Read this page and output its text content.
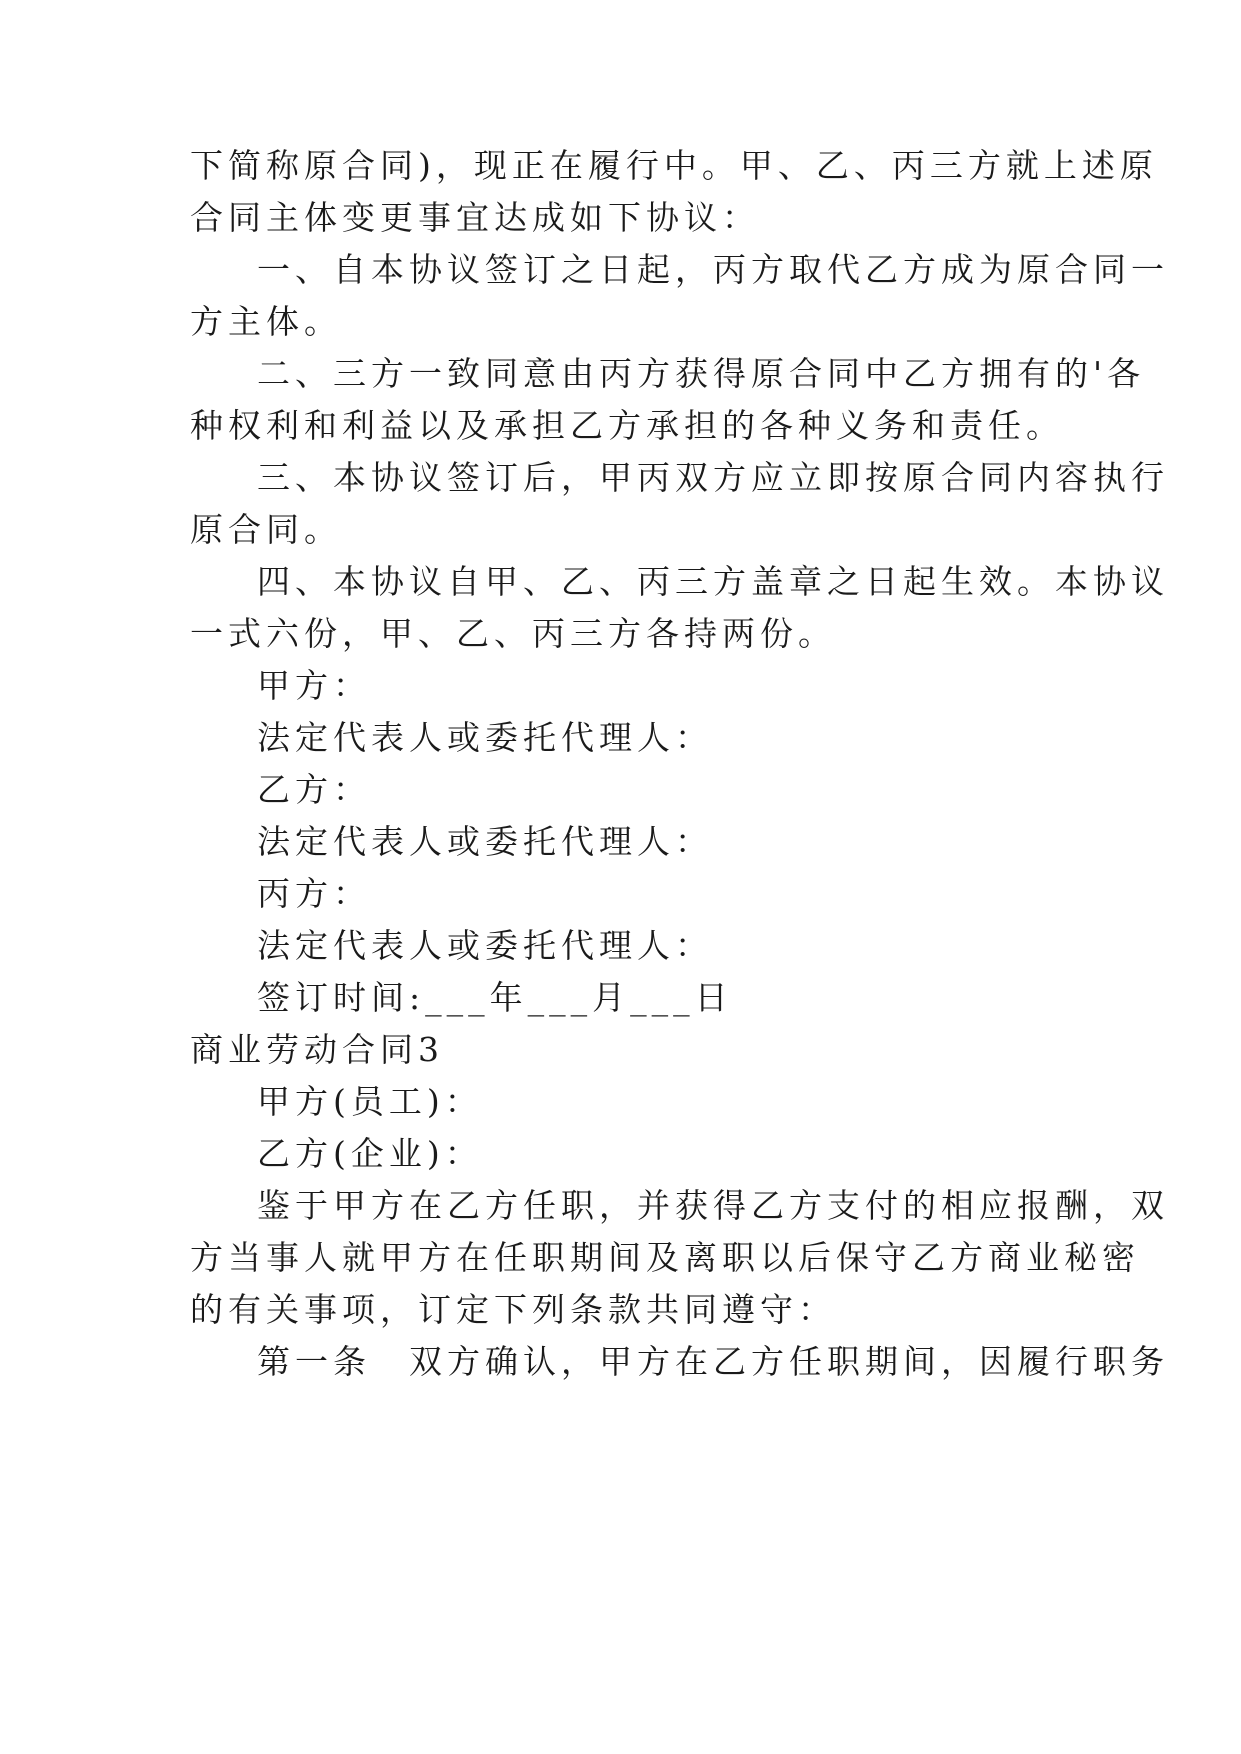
下简称原合同)，现正在履行中。甲、乙、丙三方就上述原
合同主体变更事宜达成如下协议：
一、自本协议签订之日起，丙方取代乙方成为原合同一
方主体。
二、三方一致同意由丙方获得原合同中乙方拥有的'各
种权利和利益以及承担乙方承担的各种义务和责任。
三、本协议签订后，甲丙双方应立即按原合同内容执行
原合同。
四、本协议自甲、乙、丙三方盖章之日起生效。本协议
一式六份，甲、乙、丙三方各持两份。
甲方：
法定代表人或委托代理人：
乙方：
法定代表人或委托代理人：
丙方：
法定代表人或委托代理人：
签订时间:___年___月___日
商业劳动合同3
甲方(员工)：
乙方(企业)：
鉴于甲方在乙方任职，并获得乙方支付的相应报酬，双
方当事人就甲方在任职期间及离职以后保守乙方商业秘密
的有关事项，订定下列条款共同遵守：
第一条　双方确认，甲方在乙方任职期间，因履行职务
